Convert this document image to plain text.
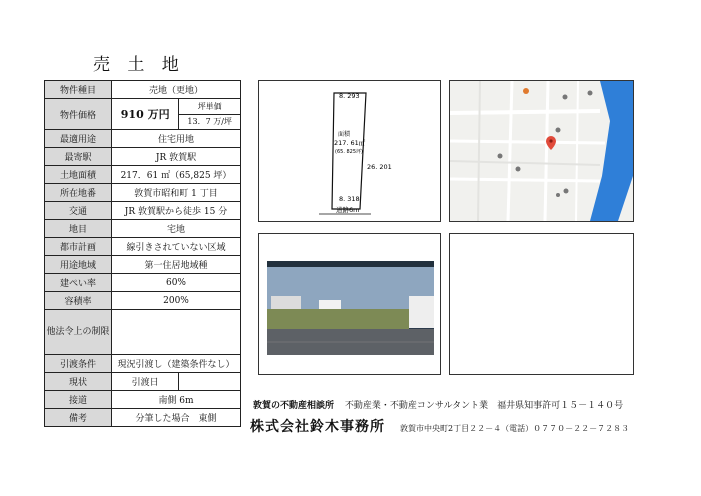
売 土 地
物件種目	売地（更地）	
物件価格	910 万円	坪単価
		13．7 万/坪
最適用途	住宅用地	
最寄駅	JR 敦賀駅	
土地面積	217．61 ㎡（65,825 坪）	
所在地番	敦賀市昭和町 1 丁目	
交通	JR 敦賀駅から徒歩 15 分	
地目	宅地	
都市計画	線引きされていない区域	
用途地域	第一住居地域種	
建ぺい率	60%	
容積率	200%	
他法令上の制限		
引渡条件	現況引渡し（建築条件なし）	
現状	引渡日	
接道	南側 6m	
備考	分筆した場合　東側	
8. 293
面積
217. 61㎡
(65. 825坪)
26. 201
8. 318
道路6m
敦賀の不動産相談所 不動産業・不動産コンサルタント業　福井県知事許可１５－１４０号
株式会社鈴木事務所 敦賀市中央町2丁目２２－４（電話）０７７０－２２－７２８３
